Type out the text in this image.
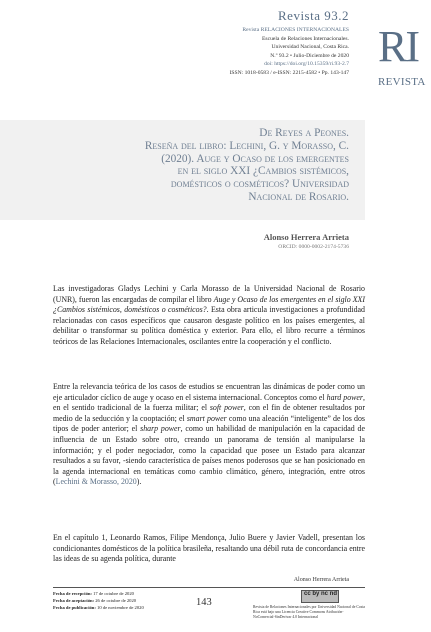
Revista 93.2
Revista RELACIONES INTERNACIONALES
Escuela de Relaciones Internacionales.
Universidad Nacional, Costa Rica.
N.º 93.2 • Julio-Diciembre de 2020
doi: https://doi.org/10.15359/ri.93-2.7
ISSN: 1018-0583 / e-ISSN: 2215-4582 • Pp. 143-147
RI
REVISTA
De Reyes a Peones.
Reseña del libro: Lechini, G. y Morasso, C.
(2020). Auge y Ocaso de los emergentes
en el siglo XXI ¿Cambios sistémicos,
domésticos o cosméticos? Universidad
Nacional de Rosario.
Alonso Herrera Arrieta
ORCID: 0000-0002-2174-5736
Las investigadoras Gladys Lechini y Carla Morasso de la Universidad Nacional de Rosario (UNR), fueron las encargadas de compilar el libro Auge y Ocaso de los emergentes en el siglo XXI ¿Cambios sistémicos, domésticos o cosméticos?. Esta obra articula investigaciones a profundidad relacionadas con casos específicos que causaron desgaste político en los países emergentes, al debilitar o transformar su política doméstica y exterior. Para ello, el libro recurre a términos teóricos de las Relaciones Internacionales, oscilantes entre la cooperación y el conflicto.
Entre la relevancia teórica de los casos de estudios se encuentran las dinámicas de poder como un eje articulador cíclico de auge y ocaso en el sistema internacional. Conceptos como el hard power, en el sentido tradicional de la fuerza militar; el soft power, con el fin de obtener resultados por medio de la seducción y la cooptación; el smart power como una aleación “inteligente” de los dos tipos de poder anterior; el sharp power, como un habilidad de manipulación en la capacidad de influencia de un Estado sobre otro, creando un panorama de tensión al manipularse la información; y el poder negociador, como la capacidad que posee un Estado para alcanzar resultados a su favor, -siendo característica de países menos poderosos que se han posicionado en la agenda internacional en temáticas como cambio climático, género, integración, entre otros (Lechini & Morasso, 2020).
En el capítulo 1, Leonardo Ramos, Filipe Mendonça, Julio Buere y Javier Vadell, presentan los condicionantes domésticos de la política brasileña, resaltando una débil ruta de concordancia entre las ideas de su agenda política, durante
Alonso Herrera Arrieta
Fecha de recepción: 17 de octubre de 2020
Fecha de aceptación: 26 de octubre de 2020
Fecha de publicación: 10 de noviembre de 2020	143
cc by nc nd
Revista de Relaciones Internacionales por Universidad Nacional de Costa Rica está bajo una Licencia Creative Commons Atribución-NoComercial-SinDerivar 4.0 Internacional
